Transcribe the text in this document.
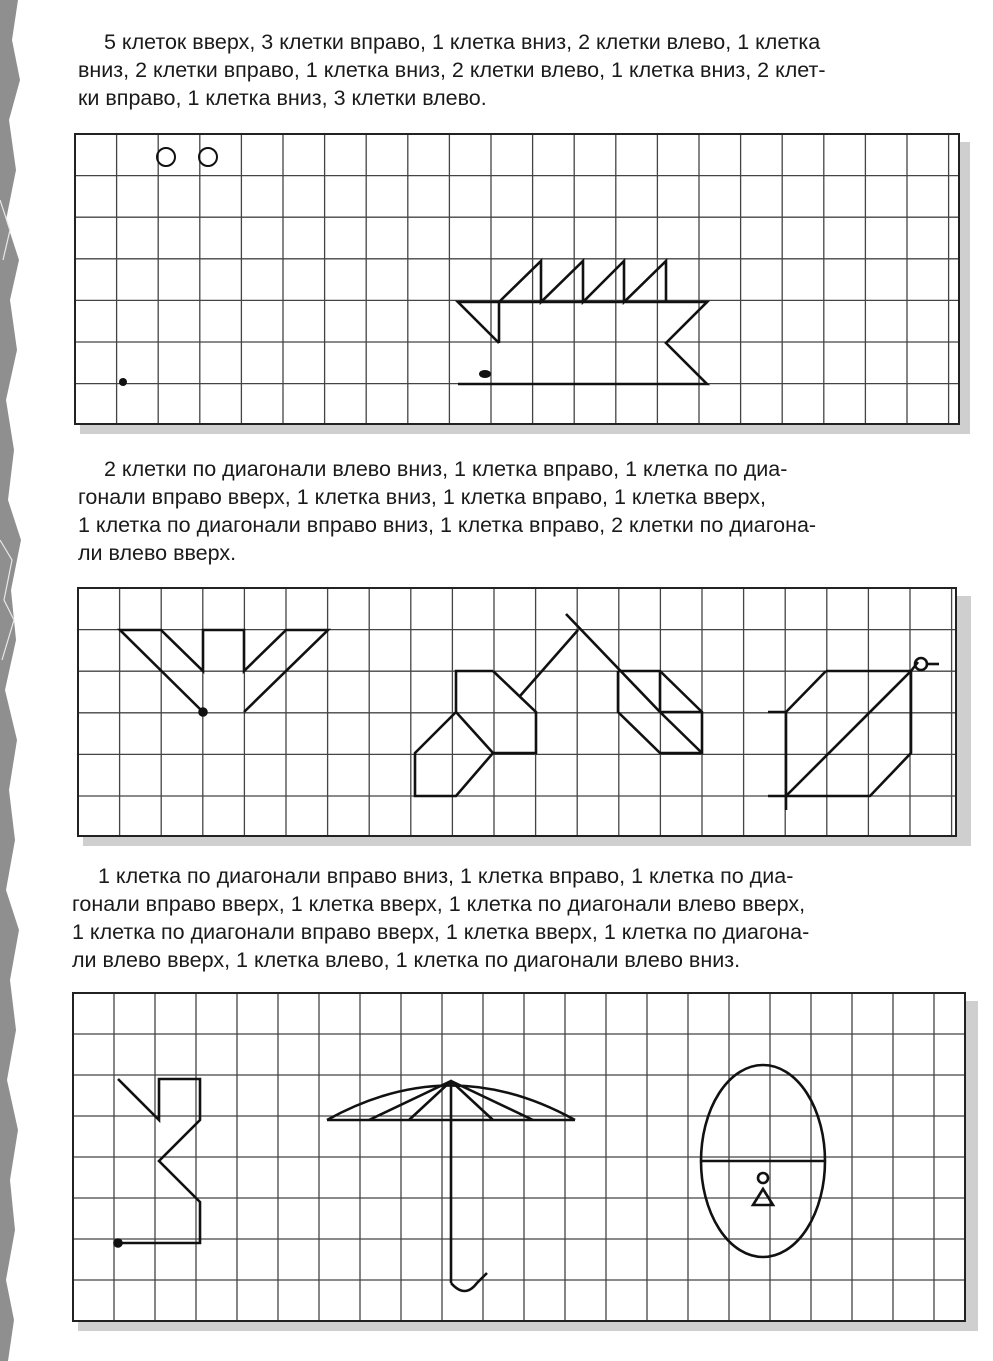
5 клеток вверх, 3 клетки вправо, 1 клетка вниз, 2 клетки влево, 1 клетка
вниз, 2 клетки вправо, 1 клетка вниз, 2 клетки влево, 1 клетка вниз, 2 клет-
ки вправо, 1 клетка вниз, 3 клетки влево.
2 клетки по диагонали влево вниз, 1 клетка вправо, 1 клетка по диа-
гонали вправо вверх, 1 клетка вниз, 1 клетка вправо, 1 клетка вверх,
1 клетка по диагонали вправо вниз, 1 клетка вправо, 2 клетки по диагона-
ли влево вверх.
1 клетка по диагонали вправо вниз, 1 клетка вправо, 1 клетка по диа-
гонали вправо вверх, 1 клетка вверх, 1 клетка по диагонали влево вверх,
1 клетка по диагонали вправо вверх, 1 клетка вверх, 1 клетка по диагона-
ли влево вверх, 1 клетка влево, 1 клетка по диагонали влево вниз.
